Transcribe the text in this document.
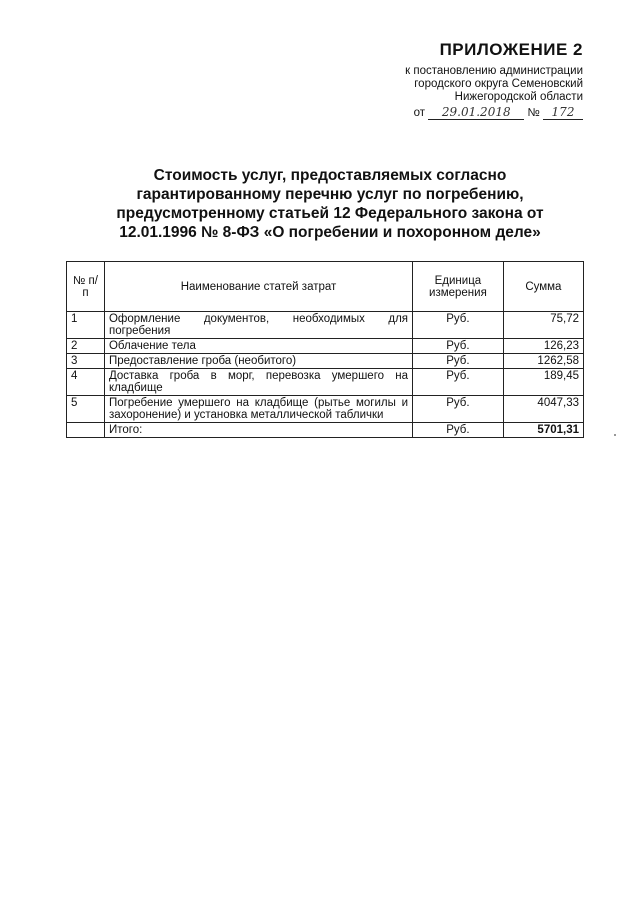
ПРИЛОЖЕНИЕ 2
к постановлению администрации
городского округа Семеновский
Нижегородской области
от 29.01.2018 № 172
Стоимость услуг, предоставляемых согласно
гарантированному перечню услуг по погребению,
предусмотренному статьей 12 Федерального закона от
12.01.1996 № 8-ФЗ «О погребении и похоронном деле»
№ п/п	Наименование статей затрат	Единица измерения	Сумма
1	Оформление документов, необходимых для погребения	Руб.	75,72
2	Облачение тела	Руб.	126,23
3	Предоставление гроба (необитого)	Руб.	1262,58
4	Доставка гроба в морг, перевозка умершего на кладбище	Руб.	189,45
5	Погребение умершего на кладбище (рытье могилы и захоронение) и установка металлической таблички	Руб.	4047,33
	Итого:	Руб.	5701,31
